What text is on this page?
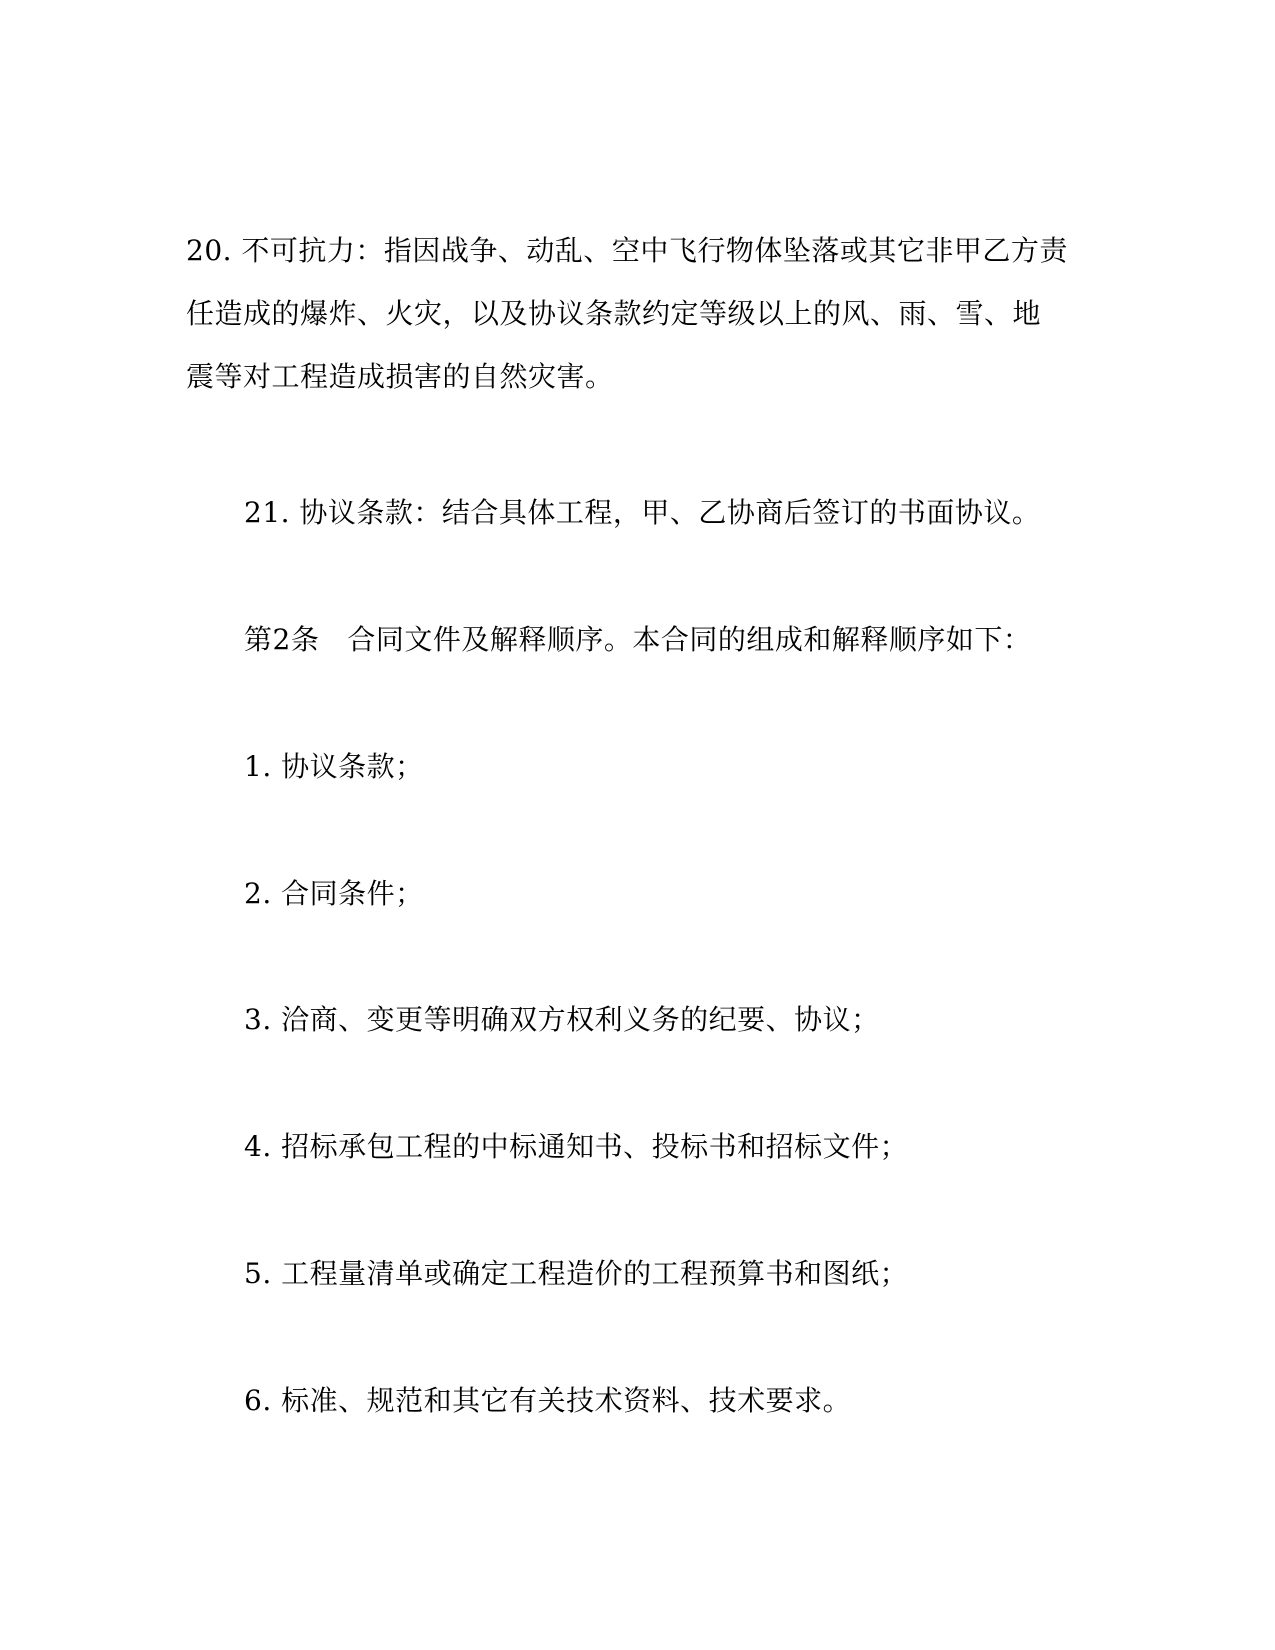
20. 不可抗力：指因战争、动乱、空中飞行物体坠落或其它非甲乙方责
任造成的爆炸、火灾，以及协议条款约定等级以上的风、雨、雪、地
震等对工程造成损害的自然灾害。
21. 协议条款：结合具体工程，甲、乙协商后签订的书面协议。
第2条 合同文件及解释顺序。本合同的组成和解释顺序如下：
1. 协议条款；
2. 合同条件；
3. 洽商、变更等明确双方权利义务的纪要、协议；
4. 招标承包工程的中标通知书、投标书和招标文件；
5. 工程量清单或确定工程造价的工程预算书和图纸；
6. 标准、规范和其它有关技术资料、技术要求。
